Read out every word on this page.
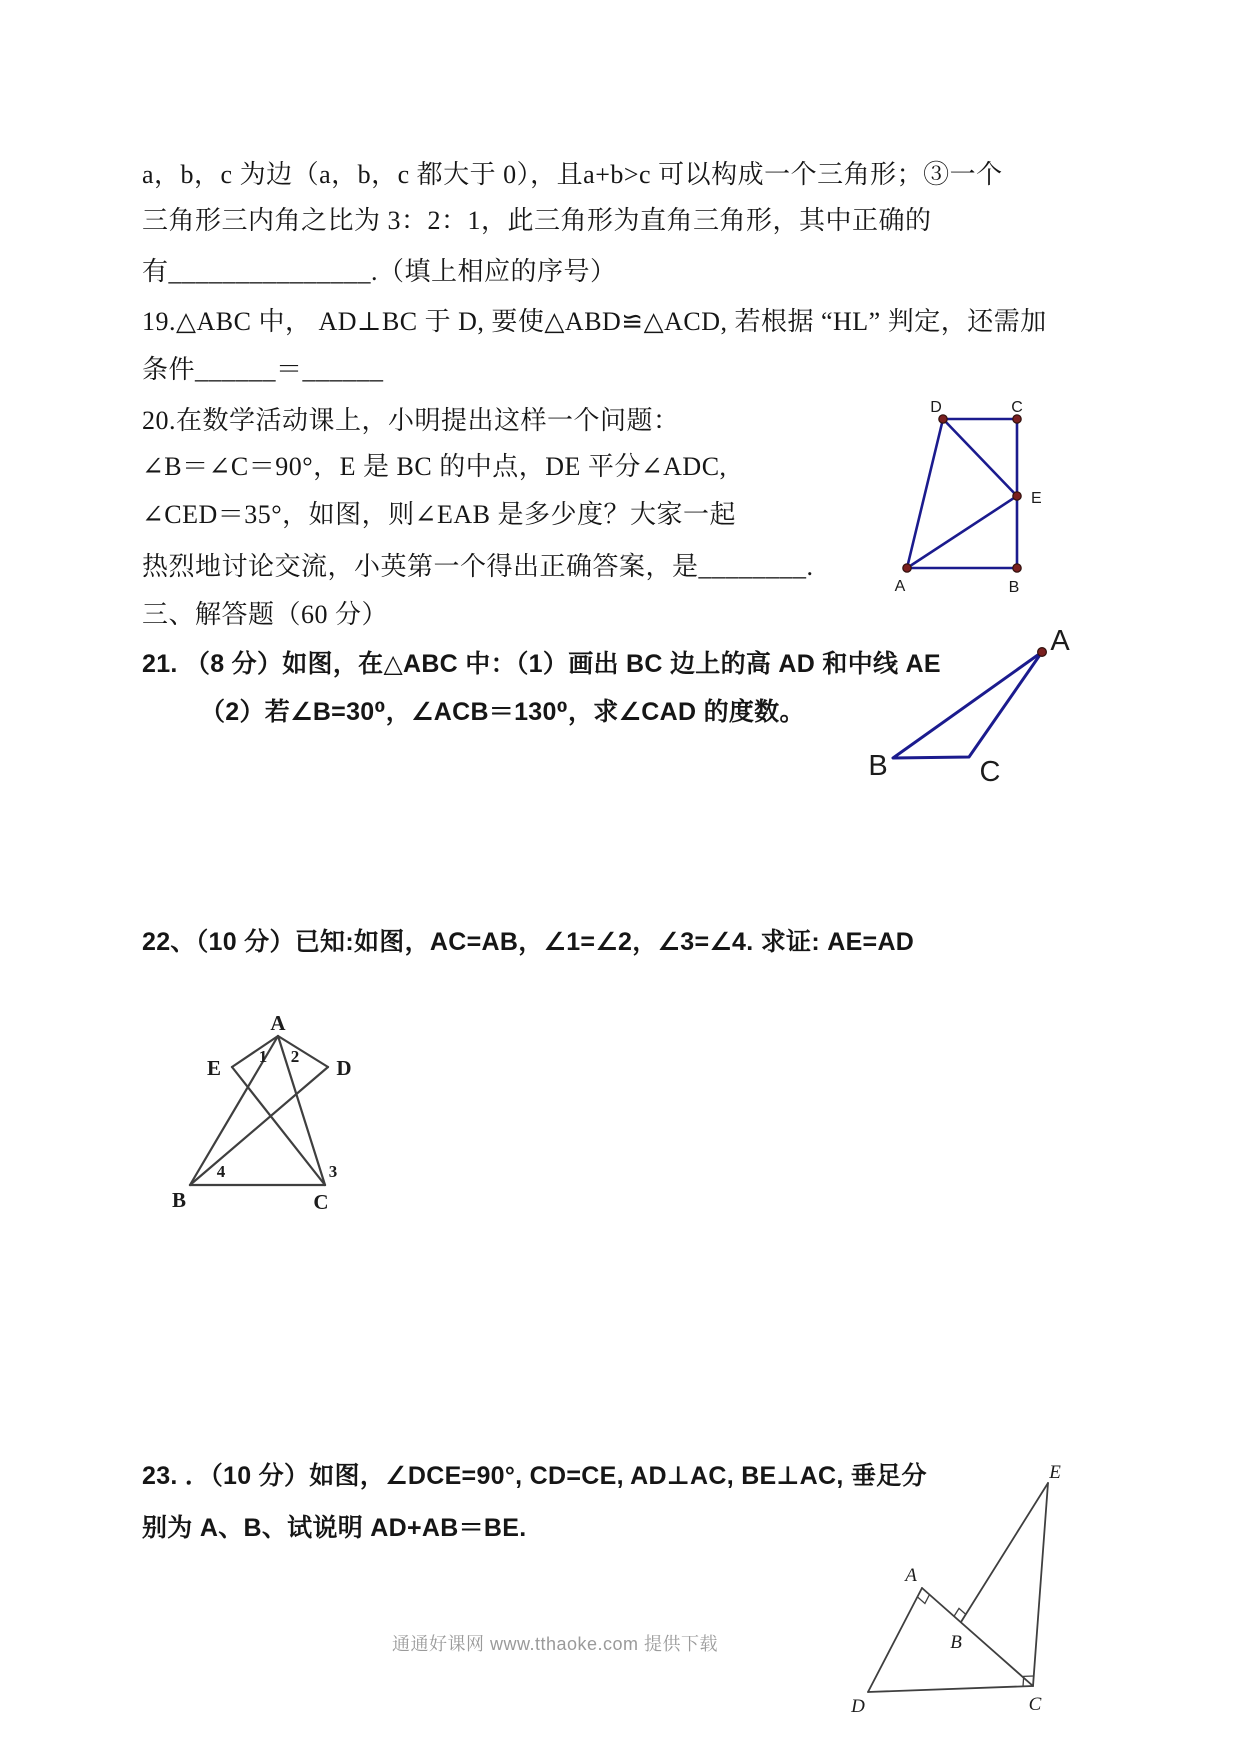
a，b，c 为边（a，b，c 都大于 0），且a+b>c 可以构成一个三角形；③一个
三角形三内角之比为 3：2：1，此三角形为直角三角形，其中正确的
有_______________.（填上相应的序号）
19.△ABC 中， AD⊥BC 于 D, 要使△ABD≌△ACD, 若根据 “HL” 判定，还需加
条件______＝______
20.在数学活动课上，小明提出这样一个问题：
∠B＝∠C＝90°，E 是 BC 的中点，DE 平分∠ADC,
∠CED＝35°，如图，则∠EAB 是多少度？大家一起
热烈地讨论交流，小英第一个得出正确答案，是________.
三、解答题（60 分）
21. （8 分）如图，在△ABC 中：（1）画出 BC 边上的高 AD 和中线 AE
（2）若∠B=30⁰，∠ACB＝130⁰，求∠CAD 的度数。
22、（10 分）已知:如图，AC=AB，∠1=∠2，∠3=∠4. 求证: AE=AD
23. ．（10 分）如图，∠DCE=90°, CD=CE, AD⊥AC, BE⊥AC, 垂足分
别为 A、B、试说明 AD+AB＝BE.
D	C
E
A	B
A
B	C
A
E	D
B	C
1 2
4	3
E
A
B
D	C
通通好课网 www.tthaoke.com 提供下载
